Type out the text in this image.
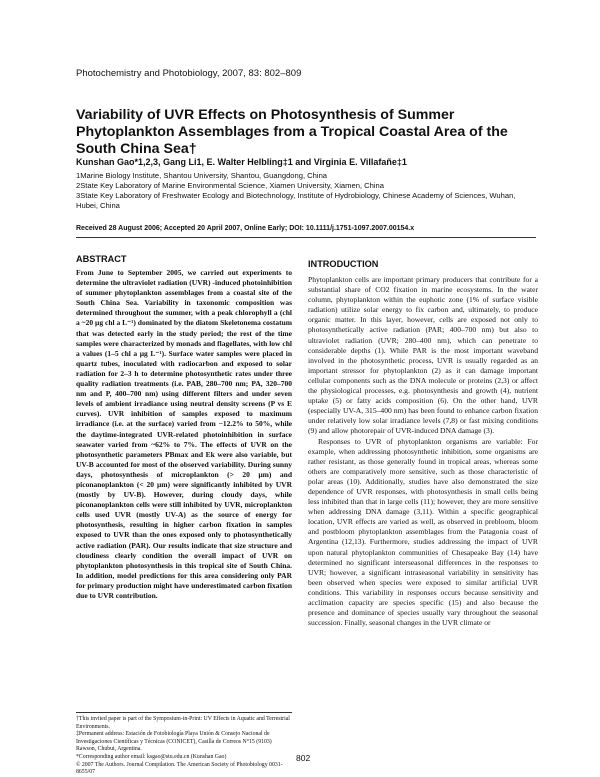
Photochemistry and Photobiology, 2007, 83: 802–809
Variability of UVR Effects on Photosynthesis of Summer Phytoplankton Assemblages from a Tropical Coastal Area of the South China Sea†
Kunshan Gao*1,2,3, Gang Li1, E. Walter Helbling‡1 and Virginia E. Villafañe‡1
1Marine Biology Institute, Shantou University, Shantou, Guangdong, China
2State Key Laboratory of Marine Environmental Science, Xiamen University, Xiamen, China
3State Key Laboratory of Freshwater Ecology and Biotechnology, Institute of Hydrobiology, Chinese Academy of Sciences, Wuhan, Hubei, China
Received 28 August 2006; Accepted 20 April 2007, Online Early; DOI: 10.1111/j.1751-1097.2007.00154.x
ABSTRACT
From June to September 2005, we carried out experiments to determine the ultraviolet radiation (UVR) -induced photoinhibition of summer phytoplankton assemblages from a coastal site of the South China Sea. Variability in taxonomic composition was determined throughout the summer, with a peak chlorophyll a (chl a ~20 µg chl a L⁻¹) dominated by the diatom Skeletonema costatum that was detected early in the study period; the rest of the time samples were characterized by monads and flagellates, with low chl a values (1–5 chl a µg L⁻¹). Surface water samples were placed in quartz tubes, inoculated with radiocarbon and exposed to solar radiation for 2–3 h to determine photosynthetic rates under three quality radiation treatments (i.e. PAB, 280–700 nm; PA, 320–700 nm and P, 400–700 nm) using different filters and under seven levels of ambient irradiance using neutral density screens (P vs E curves). UVR inhibition of samples exposed to maximum irradiance (i.e. at the surface) varied from −12.2% to 50%, while the daytime-integrated UVR-related photoinhibition in surface seawater varied from ~62% to 7%. The effects of UVR on the photosynthetic parameters PBmax and Ek were also variable, but UV-B accounted for most of the observed variability. During sunny days, photosynthesis of microplankton (> 20 µm) and piconanoplankton (< 20 µm) were significantly inhibited by UVR (mostly by UV-B). However, during cloudy days, while piconanoplankton cells were still inhibited by UVR, microplankton cells used UVR (mostly UV-A) as the source of energy for photosynthesis, resulting in higher carbon fixation in samples exposed to UVR than the ones exposed only to photosynthetically active radiation (PAR). Our results indicate that size structure and cloudiness clearly condition the overall impact of UVR on phytoplankton photosynthesis in this tropical site of South China. In addition, model predictions for this area considering only PAR for primary production might have underestimated carbon fixation due to UVR contribution.
INTRODUCTION

Phytoplankton cells are important primary producers that contribute for a substantial share of CO2 fixation in marine ecosystems. In the water column, phytoplankton within the euphotic zone (1% of surface visible radiation) utilize solar energy to fix carbon and, ultimately, to produce organic matter. In this layer, however, cells are exposed not only to photosynthetically active radiation (PAR; 400–700 nm) but also to ultraviolet radiation (UVR; 280–400 nm), which can penetrate to considerable depths (1). While PAR is the most important waveband involved in the photosynthetic process, UVR is usually regarded as an important stressor for phytoplankton (2) as it can damage important cellular components such as the DNA molecule or proteins (2,3) or affect the physiological processes, e.g. photosynthesis and growth (4), nutrient uptake (5) or fatty acids composition (6). On the other hand, UVR (especially UV-A, 315–400 nm) has been found to enhance carbon fixation under relatively low solar irradiance levels (7,8) or fast mixing conditions (9) and allow photorepair of UVR-induced DNA damage (3).

Responses to UVR of phytoplankton organisms are variable: For example, when addressing photosynthetic inhibition, some organisms are rather resistant, as those generally found in tropical areas, whereas some others are comparatively more sensitive, such as those characteristic of polar areas (10). Additionally, studies have also demonstrated the size dependence of UVR responses, with photosynthesis in small cells being less inhibited than that in large cells (11); however, they are more sensitive when addressing DNA damage (3,11). Within a specific geographical location, UVR effects are varied as well, as observed in prebloom, bloom and postbloom phytoplankton assemblages from the Patagonia coast of Argentina (12,13). Furthermore, studies addressing the impact of UVR upon natural phytoplankton communities of Chesapeake Bay (14) have determined no significant interseasonal differences in the responses to UVR; however, a significant intraseasonal variability in sensitivity has been observed when species were exposed to similar artificial UVR conditions. This variability in responses occurs because sensitivity and acclimation capacity are species specific (15) and also because the presence and dominance of species usually vary throughout the seasonal succession. Finally, seasonal changes in the UVR climate or

†This invited paper is part of the Symposium-in-Print: UV Effects in Aquatic and Terrestrial Environments.
‡Permanent address: Estación de Fotobiología Playa Unión & Consejo Nacional de Investigaciones Científicas y Técnicas (CONICET), Casilla de Correos N°15 (9103) Rawson, Chubut, Argentina.
*Corresponding author email: ksgao@stu.edu.cn (Kunshan Gao)
© 2007 The Authors. Journal Compilation. The American Society of Photobiology 0031-8655/07
802
